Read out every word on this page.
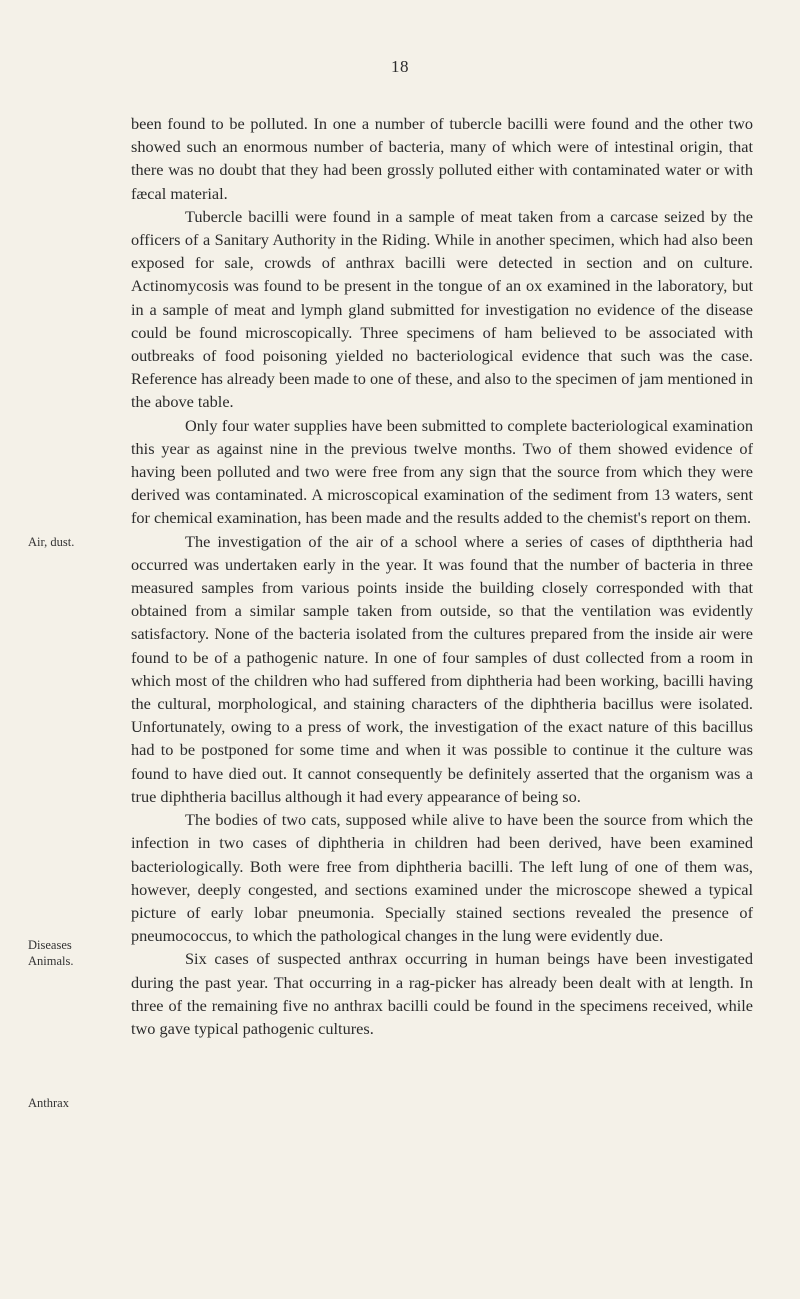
18
Air, dust.
Diseases
Animals.
Anthrax

been found to be polluted. In one a number of tubercle bacilli were found and the other two showed such an enormous number of bacteria, many of which were of intestinal origin, that there was no doubt that they had been grossly polluted either with contaminated water or with fæcal material.

Tubercle bacilli were found in a sample of meat taken from a carcase seized by the officers of a Sanitary Authority in the Riding. While in another specimen, which had also been exposed for sale, crowds of anthrax bacilli were detected in section and on culture. Actinomycosis was found to be present in the tongue of an ox examined in the laboratory, but in a sample of meat and lymph gland submitted for investigation no evidence of the disease could be found microscopically. Three specimens of ham believed to be associated with outbreaks of food poisoning yielded no bacteriological evidence that such was the case. Reference has already been made to one of these, and also to the specimen of jam mentioned in the above table.

Only four water supplies have been submitted to complete bacteriological examination this year as against nine in the previous twelve months. Two of them showed evidence of having been polluted and two were free from any sign that the source from which they were derived was contaminated. A microscopical examination of the sediment from 13 waters, sent for chemical examination, has been made and the results added to the chemist's report on them.

The investigation of the air of a school where a series of cases of dipththeria had occurred was undertaken early in the year. It was found that the number of bacteria in three measured samples from various points inside the building closely corresponded with that obtained from a similar sample taken from outside, so that the ventilation was evidently satisfactory. None of the bacteria isolated from the cultures prepared from the inside air were found to be of a pathogenic nature. In one of four samples of dust collected from a room in which most of the children who had suffered from diphtheria had been working, bacilli having the cultural, morphological, and staining characters of the diphtheria bacillus were isolated. Unfortunately, owing to a press of work, the investigation of the exact nature of this bacillus had to be postponed for some time and when it was possible to continue it the culture was found to have died out. It cannot consequently be definitely asserted that the organism was a true diphtheria bacillus although it had every appearance of being so.

The bodies of two cats, supposed while alive to have been the source from which the infection in two cases of diphtheria in children had been derived, have been examined bacteriologically. Both were free from diphtheria bacilli. The left lung of one of them was, however, deeply congested, and sections examined under the microscope shewed a typical picture of early lobar pneumonia. Specially stained sections revealed the presence of pneumococcus, to which the pathological changes in the lung were evidently due.

Six cases of suspected anthrax occurring in human beings have been investigated during the past year. That occurring in a rag-picker has already been dealt with at length. In three of the remaining five no anthrax bacilli could be found in the specimens received, while two gave typical pathogenic cultures.
